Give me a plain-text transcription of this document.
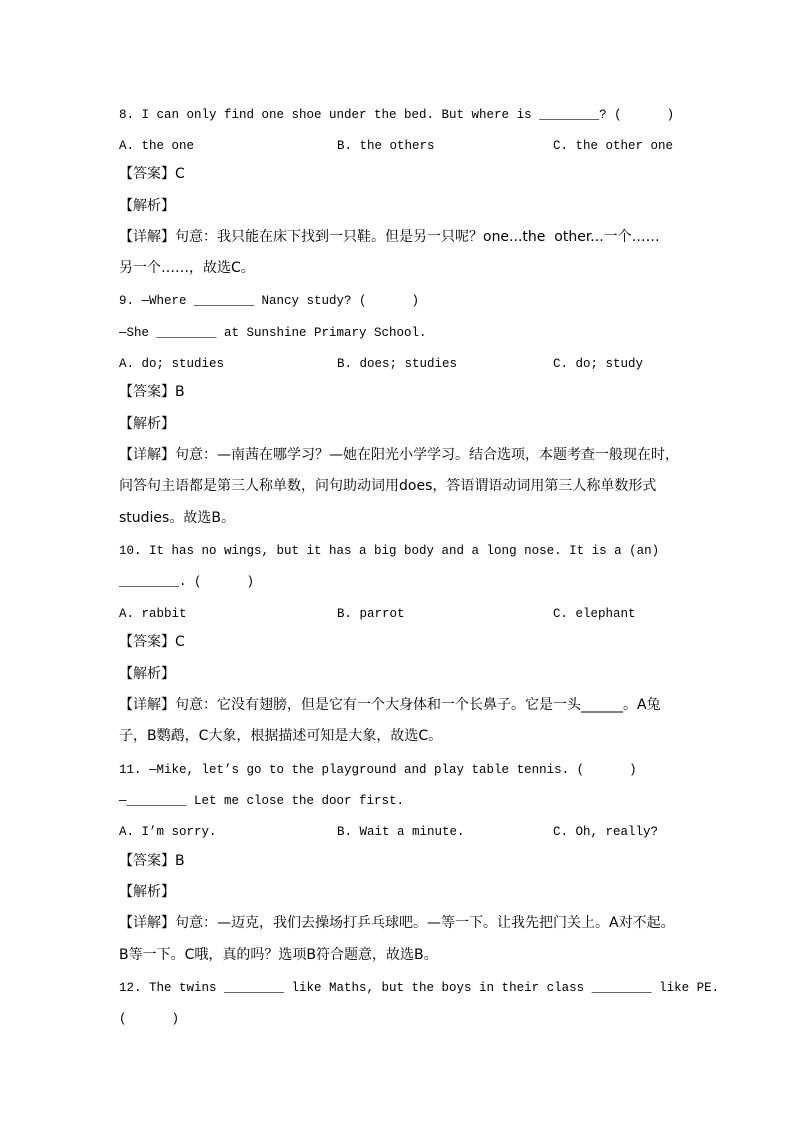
8. I can only find one shoe under the bed. But where is ________? (      )
A. the one	B. the others	C. the other one
【答案】C
【解析】
【详解】句意：我只能在床下找到一只鞋。但是另一只呢？one...the  other...一个……
另一个……，故选C。
9. —Where ________ Nancy study? (      )
—She ________ at Sunshine Primary School.
A. do; studies	B. does; studies	C. do; study
【答案】B
【解析】
【详解】句意：—南茜在哪学习？—她在阳光小学学习。结合选项，本题考查一般现在时，
问答句主语都是第三人称单数，问句助动词用does，答语谓语动词用第三人称单数形式
studies。故选B。
10. It has no wings, but it has a big body and a long nose. It is a (an)
________. (      )
A. rabbit	B. parrot	C. elephant
【答案】C
【解析】
【详解】句意：它没有翅膀，但是它有一个大身体和一个长鼻子。它是一头______。A兔
子，B鹦鹉，C大象，根据描述可知是大象，故选C。
11. —Mike, let’s go to the playground and play table tennis. (      )
—________ Let me close the door first.
A. I’m sorry.	B. Wait a minute.	C. Oh, really?
【答案】B
【解析】
【详解】句意：—迈克，我们去操场打乒乓球吧。—等一下。让我先把门关上。A对不起。
B等一下。C哦，真的吗？选项B符合题意，故选B。
12. The twins ________ like Maths, but the boys in their class ________ like PE.
(      )
